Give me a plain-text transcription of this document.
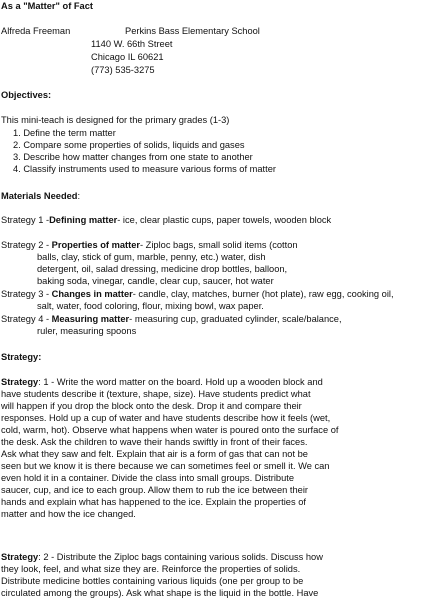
As a "Matter" of Fact
Alfreda Freeman	Perkins Bass Elementary School
1140 W. 66th Street
Chicago IL 60621
(773) 535-3275
Objectives:
This mini-teach is designed for the primary grades (1-3)
1. Define the term matter
2. Compare some properties of solids, liquids and gases
3. Describe how matter changes from one state to another
4. Classify instruments used to measure various forms of matter
Materials Needed:
Strategy 1 -Defining matter- ice, clear plastic cups, paper towels, wooden block
Strategy 2 - Properties of matter- Ziploc bags, small solid items (cotton
balls, clay, stick of gum, marble, penny, etc.) water, dish
detergent, oil, salad dressing, medicine drop bottles, balloon,
baking soda, vinegar, candle, clear cup, saucer, hot water
Strategy 3 - Changes in matter- candle, clay, matches, burner (hot plate), raw egg, cooking oil,
salt, water, food coloring, flour, mixing bowl, wax paper.
Strategy 4 - Measuring matter- measuring cup, graduated cylinder, scale/balance,
ruler, measuring spoons
Strategy:
Strategy: 1 - Write the word matter on the board. Hold up a wooden block and
have students describe it (texture, shape, size). Have students predict what
will happen if you drop the block onto the desk. Drop it and compare their
responses. Hold up a cup of water and have students describe how it feels (wet,
cold, warm, hot). Observe what happens when water is poured onto the surface of
the desk. Ask the children to wave their hands swiftly in front of their faces.
Ask what they saw and felt. Explain that air is a form of gas that can not be
seen but we know it is there because we can sometimes feel or smell it. We can
even hold it in a container. Divide the class into small groups. Distribute
saucer, cup, and ice to each group. Allow them to rub the ice between their
hands and explain what has happened to the ice. Explain the properties of
matter and how the ice changed.
Strategy: 2 - Distribute the Ziploc bags containing various solids. Discuss how
they look, feel, and what size they are. Reinforce the properties of solids.
Distribute medicine bottles containing various liquids (one per group to be
circulated among the groups). Ask what shape is the liquid in the bottle. Have
